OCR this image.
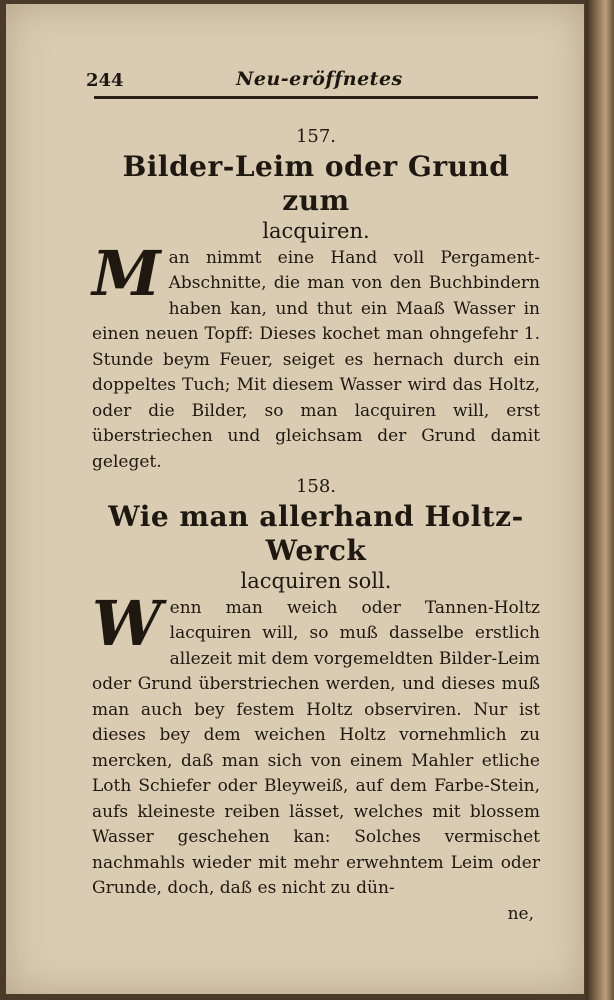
244	Neu-eröffnetes

157.

Bilder-Leim oder Grund zum

lacquiren.

Man nimmt eine Hand voll Pergament-Abschnitte, die man von den Buchbindern haben kan, und thut ein Maaß Wasser in einen neuen Topff: Dieses kochet man ohngefehr 1. Stunde beym Feuer, seiget es hernach durch ein doppeltes Tuch; Mit diesem Wasser wird das Holtz, oder die Bilder, so man lacquiren will, erst überstriechen und gleichsam der Grund damit geleget.

158.

Wie man allerhand Holtz-Werck

lacquiren soll.

Wenn man weich oder Tannen-Holtz lacquiren will, so muß dasselbe erstlich allezeit mit dem vorgemeldten Bilder-Leim oder Grund überstriechen werden, und dieses muß man auch bey festem Holtz observiren. Nur ist dieses bey dem weichen Holtz vornehmlich zu mercken, daß man sich von einem Mahler etliche Loth Schiefer oder Bleyweiß, auf dem Farbe-Stein, aufs kleineste reiben lässet, welches mit blossem Wasser geschehen kan: Solches vermischet nachmahls wieder mit mehr erwehntem Leim oder Grunde, doch, daß es nicht zu dün-

ne,
